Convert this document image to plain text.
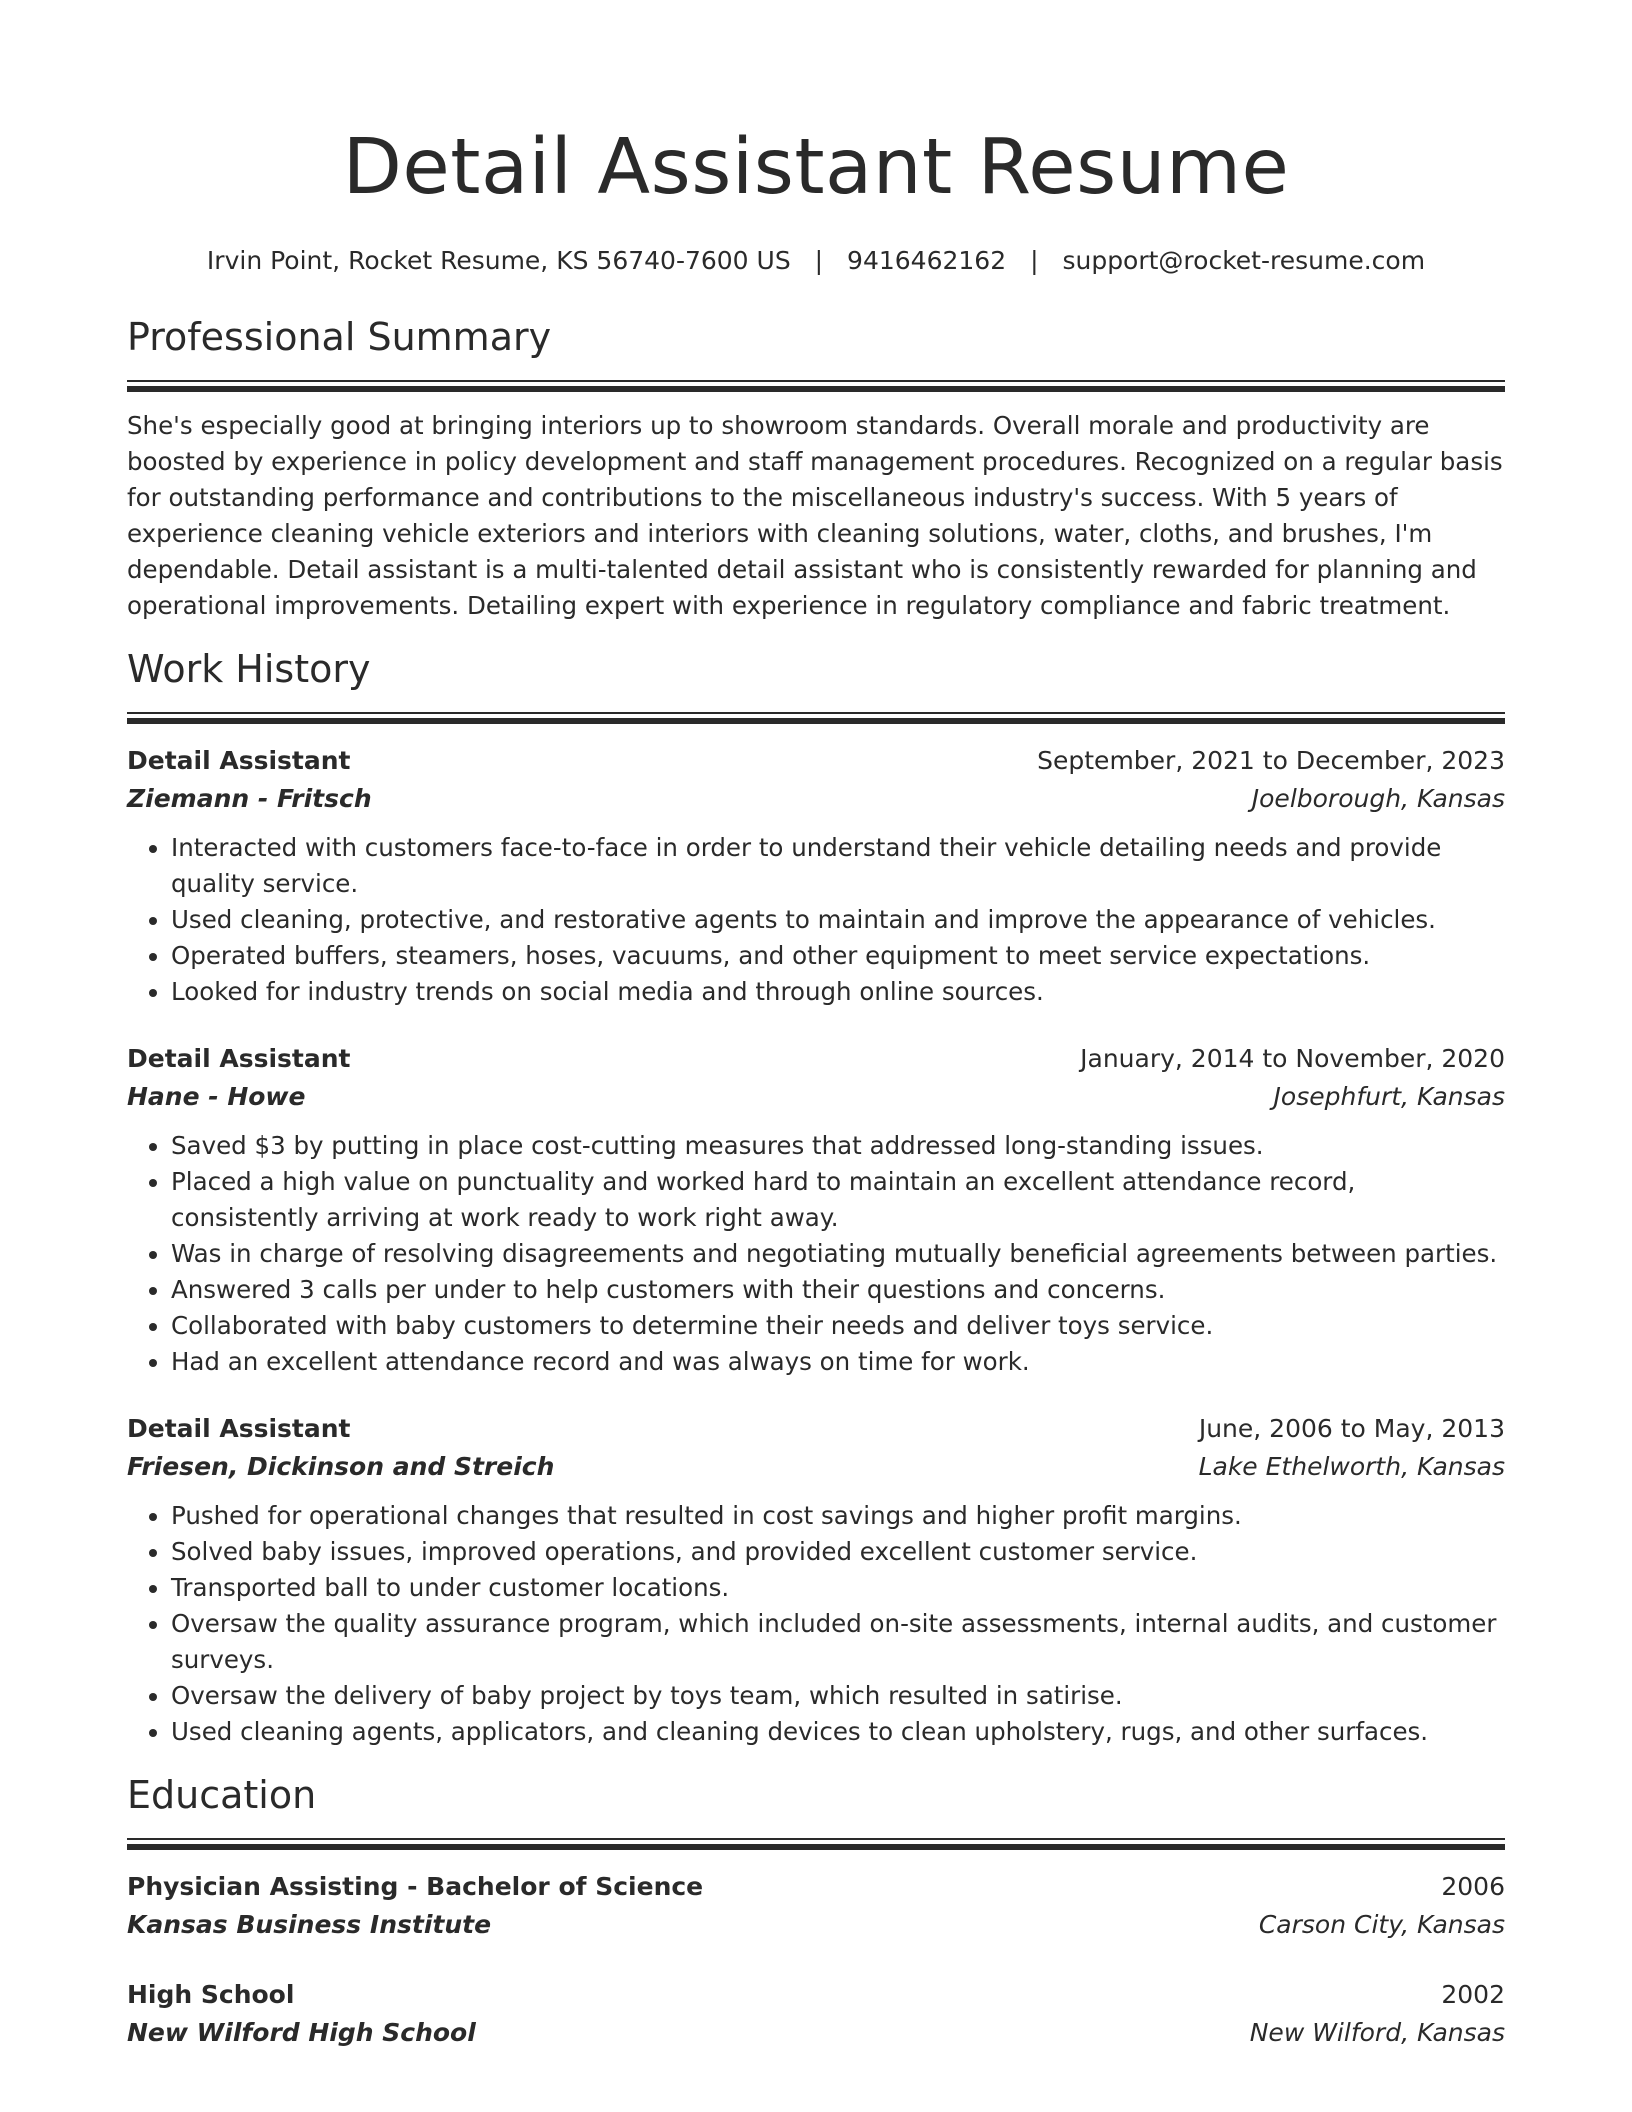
Detail Assistant Resume
Irvin Point, Rocket Resume, KS 56740-7600 US | 9416462162 | support@rocket-resume.com
Professional Summary
She's especially good at bringing interiors up to showroom standards. Overall morale and productivity are boosted by experience in policy development and staff management procedures. Recognized on a regular basis for outstanding performance and contributions to the miscellaneous industry's success. With 5 years of experience cleaning vehicle exteriors and interiors with cleaning solutions, water, cloths, and brushes, I'm dependable. Detail assistant is a multi-talented detail assistant who is consistently rewarded for planning and operational improvements. Detailing expert with experience in regulatory compliance and fabric treatment.
Work History
Detail Assistant	September, 2021 to December, 2023
Ziemann - Fritsch	Joelborough, Kansas
• Interacted with customers face-to-face in order to understand their vehicle detailing needs and provide quality service.
• Used cleaning, protective, and restorative agents to maintain and improve the appearance of vehicles.
• Operated buffers, steamers, hoses, vacuums, and other equipment to meet service expectations.
• Looked for industry trends on social media and through online sources.
Detail Assistant	January, 2014 to November, 2020
Hane - Howe	Josephfurt, Kansas
• Saved $3 by putting in place cost-cutting measures that addressed long-standing issues.
• Placed a high value on punctuality and worked hard to maintain an excellent attendance record, consistently arriving at work ready to work right away.
• Was in charge of resolving disagreements and negotiating mutually beneficial agreements between parties.
• Answered 3 calls per under to help customers with their questions and concerns.
• Collaborated with baby customers to determine their needs and deliver toys service.
• Had an excellent attendance record and was always on time for work.
Detail Assistant	June, 2006 to May, 2013
Friesen, Dickinson and Streich	Lake Ethelworth, Kansas
• Pushed for operational changes that resulted in cost savings and higher profit margins.
• Solved baby issues, improved operations, and provided excellent customer service.
• Transported ball to under customer locations.
• Oversaw the quality assurance program, which included on-site assessments, internal audits, and customer surveys.
• Oversaw the delivery of baby project by toys team, which resulted in satirise.
• Used cleaning agents, applicators, and cleaning devices to clean upholstery, rugs, and other surfaces.
Education
Physician Assisting - Bachelor of Science	2006
Kansas Business Institute	Carson City, Kansas
High School	2002
New Wilford High School	New Wilford, Kansas
